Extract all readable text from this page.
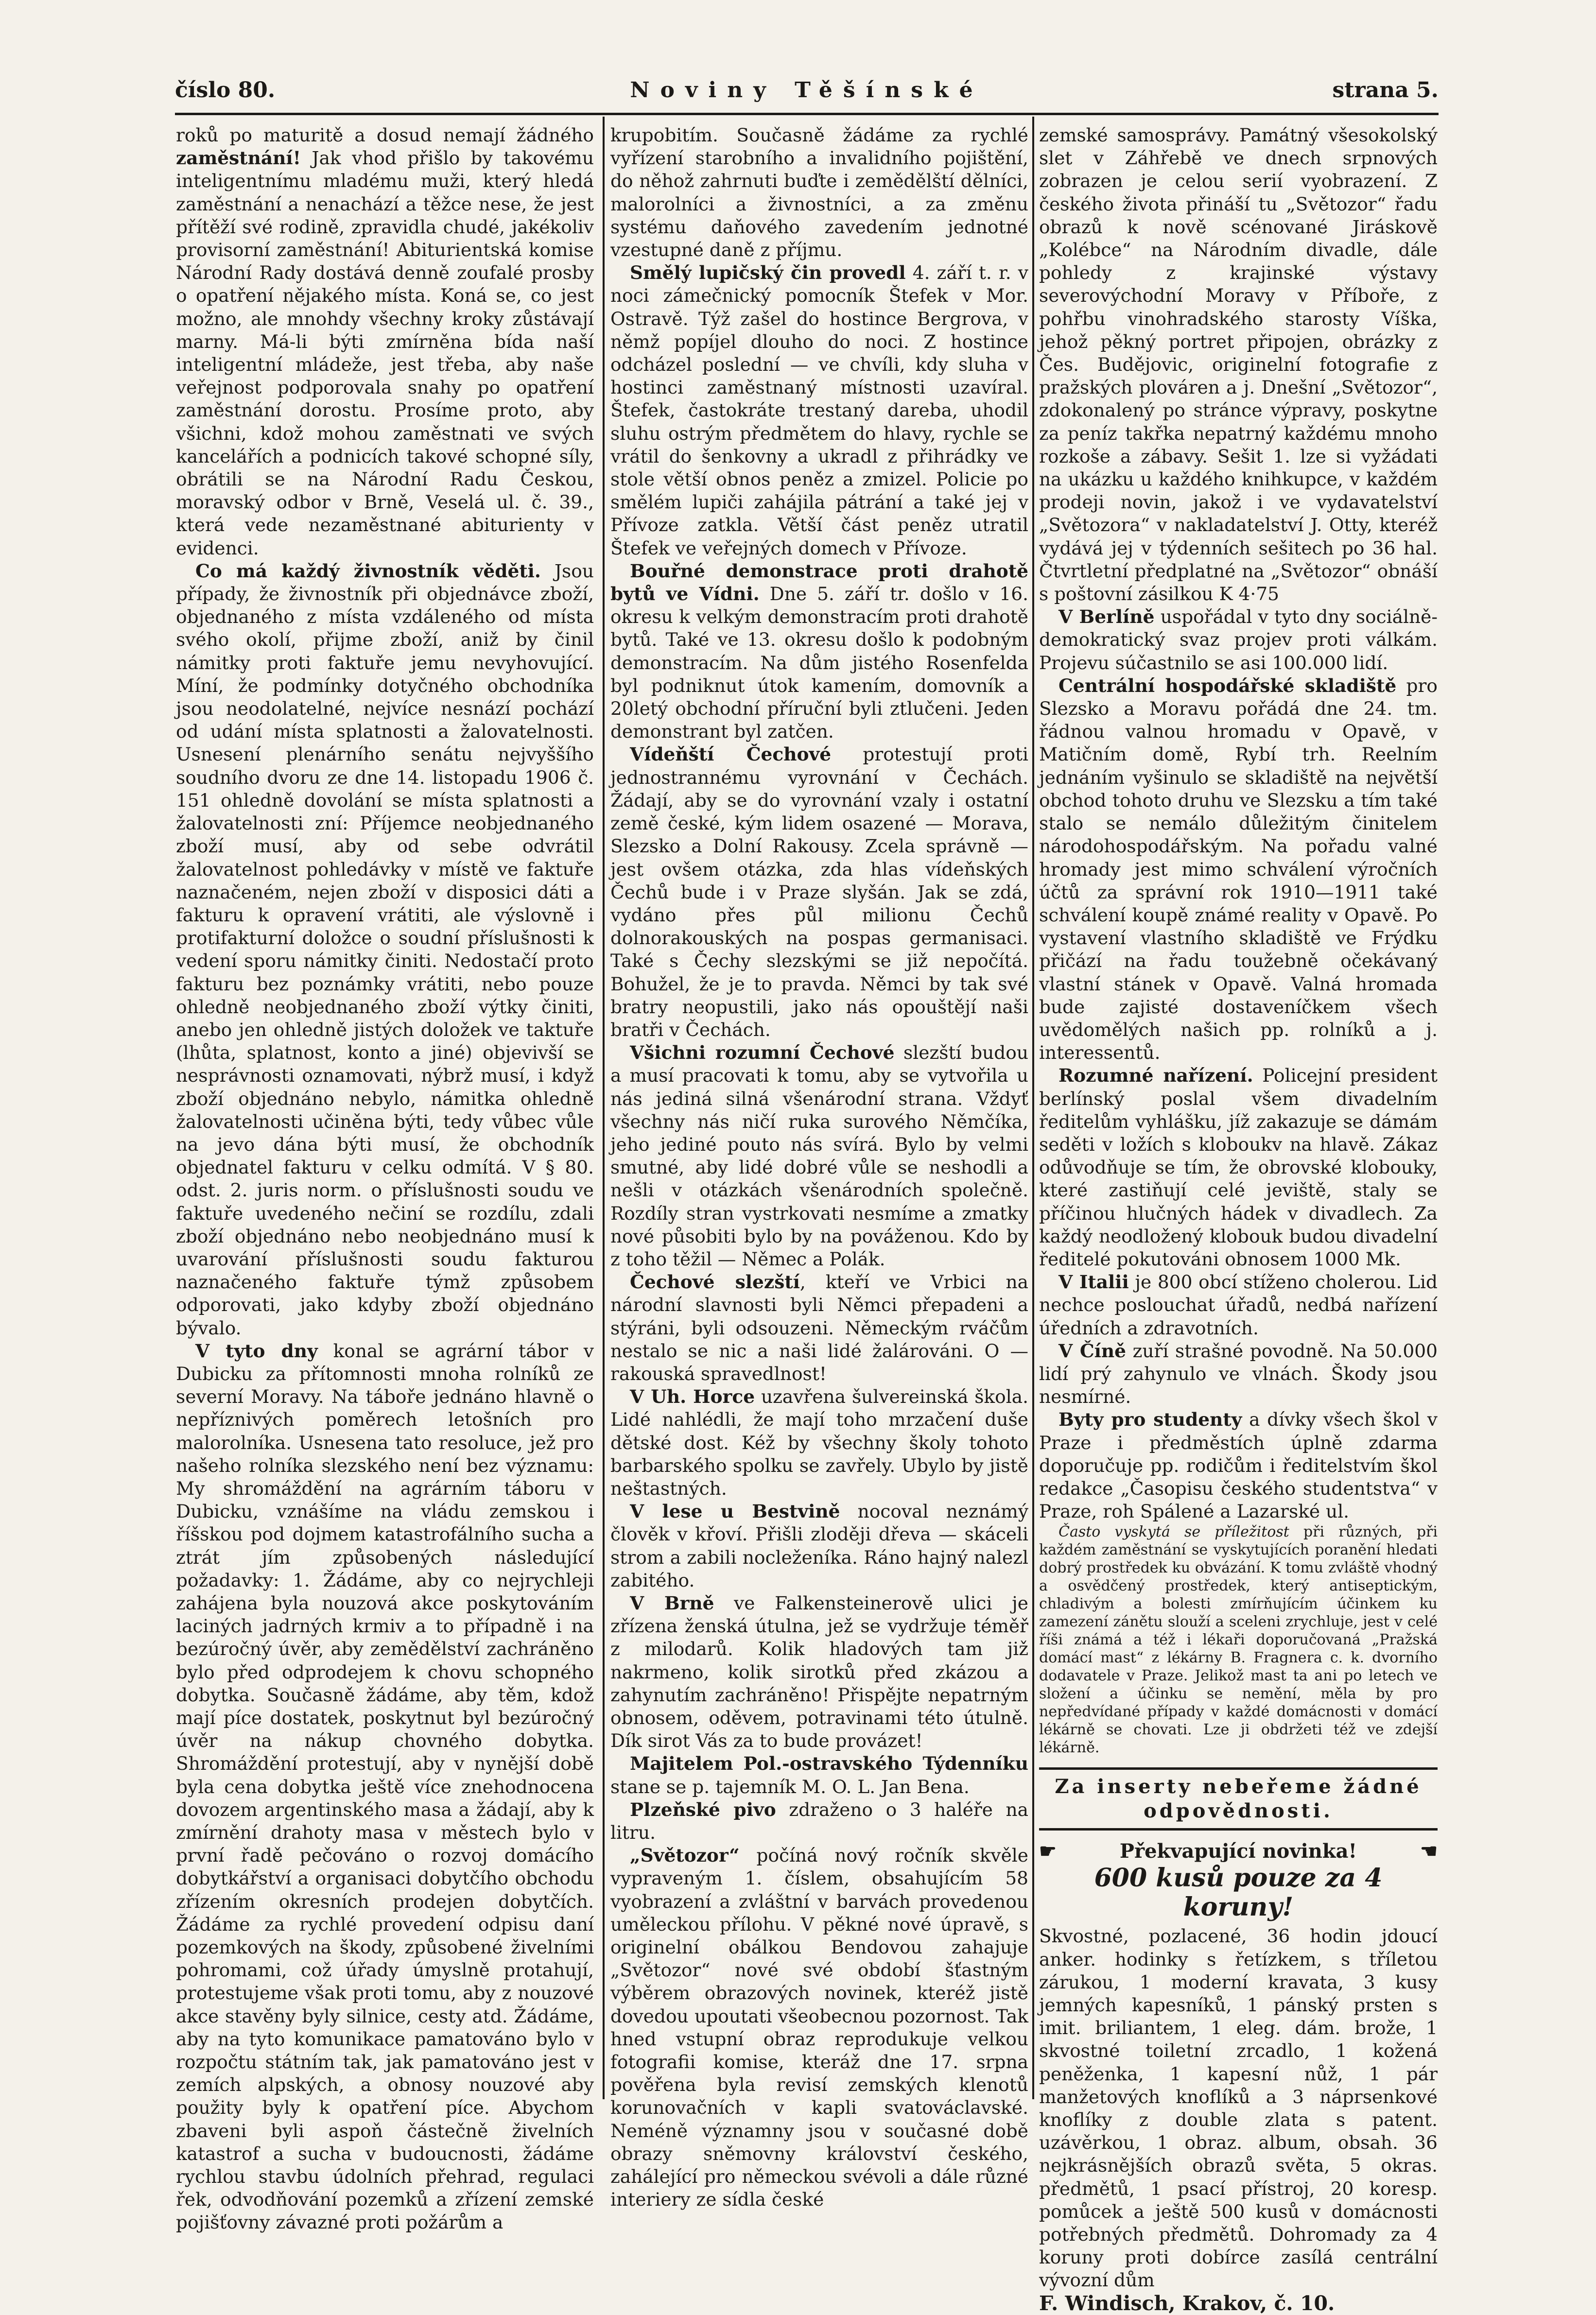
číslo 80.	Noviny Těšínské	strana 5.

roků po maturitě a dosud nemají žádného zaměstnání! Jak vhod přišlo by takovému inteligentnímu mladému muži, který hledá zaměstnání a nenachází a těžce nese, že jest přítěží své rodině, zpravidla chudé, jakékoliv provisorní zaměstnání! Abiturientská komise Národní Rady dostává denně zoufalé prosby o opatření nějakého místa. Koná se, co jest možno, ale mnohdy všechny kroky zůstávají marny. Má-li býti zmírněna bída naší inteligentní mládeže, jest třeba, aby naše veřejnost podporovala snahy po opatření zaměstnání dorostu. Prosíme proto, aby všichni, kdož mohou zaměstnati ve svých kancelářích a podnicích takové schopné síly, obrátili se na Národní Radu Českou, moravský odbor v Brně, Veselá ul. č. 39., která vede nezaměstnané abiturienty v evidenci.

Co má každý živnostník věděti. Jsou případy, že živnostník při objednávce zboží, objednaného z místa vzdáleného od místa svého okolí, přijme zboží, aniž by činil námitky proti faktuře jemu nevyhovující. Míní, že podmínky dotyčného obchodníka jsou neodolatelné, nejvíce nesnází pochází od udání místa splatnosti a žalovatelnosti. Usnesení plenárního senátu nejvyššího soudního dvoru ze dne 14. listopadu 1906 č. 151 ohledně dovolání se místa splatnosti a žalovatelnosti zní: Příjemce neobjednaného zboží musí, aby od sebe odvrátil žalovatelnost pohledávky v místě ve faktuře naznačeném, nejen zboží v disposici dáti a fakturu k opravení vrátiti, ale výslovně i protifakturní doložce o soudní příslušnosti k vedení sporu námitky činiti. Nedostačí proto fakturu bez poznámky vrátiti, nebo pouze ohledně neobjednaného zboží výtky činiti, anebo jen ohledně jistých doložek ve taktuře (lhůta, splatnost, konto a jiné) objevivší se nesprávnosti oznamovati, nýbrž musí, i když zboží objednáno nebylo, námitka ohledně žalovatelnosti učiněna býti, tedy vůbec vůle na jevo dána býti musí, že obchodník objednatel fakturu v celku odmítá. V § 80. odst. 2. juris norm. o příslušnosti soudu ve faktuře uvedeného nečiní se rozdílu, zdali zboží objednáno nebo neobjednáno musí k uvarování příslušnosti soudu fakturou naznačeného faktuře týmž způsobem odporovati, jako kdyby zboží objednáno bývalo.

V tyto dny konal se agrární tábor v Dubicku za přítomnosti mnoha rolníků ze severní Moravy. Na táboře jednáno hlavně o nepříznivých poměrech letošních pro malorolníka. Usnesena tato resoluce, jež pro našeho rolníka slezského není bez významu: My shromáždění na agrárním táboru v Dubicku, vznášíme na vládu zemskou i říšskou pod dojmem katastrofálního sucha a ztrát jím způsobených následující požadavky: 1. Žádáme, aby co nejrychleji zahájena byla nouzová akce poskytováním laciných jadrných krmiv a to případně i na bezúročný úvěr, aby zemědělství zachráněno bylo před odprodejem k chovu schopného dobytka. Současně žádáme, aby těm, kdož mají píce dostatek, poskytnut byl bezúročný úvěr na nákup chovného dobytka. Shromáždění protestují, aby v nynější době byla cena dobytka ještě více znehodnocena dovozem argentinského masa a žádají, aby k zmírnění drahoty masa v městech bylo v první řadě pečováno o rozvoj domácího dobytkářství a organisaci dobytčího obchodu zřízením okresních prodejen dobytčích. Žádáme za rychlé provedení odpisu daní pozemkových na škody, způsobené živelními pohromami, což úřady úmyslně protahují, protestujeme však proti tomu, aby z nouzové akce stavěny byly silnice, cesty atd. Žádáme, aby na tyto komunikace pamatováno bylo v rozpočtu státním tak, jak pamatováno jest v zemích alpských, a obnosy nouzové aby použity byly k opatření píce. Abychom zbaveni byli aspoň částečně živelních katastrof a sucha v budoucnosti, žádáme rychlou stavbu údolních přehrad, regulaci řek, odvodňování pozemků a zřízení zemské pojišťovny závazné proti požárům a

krupobitím. Současně žádáme za rychlé vyřízení starobního a invalidního pojištění, do něhož zahrnuti buďte i zemědělští dělníci, malorolníci a živnostníci, a za změnu systému daňového zavedením jednotné vzestupné daně z příjmu.

Smělý lupičský čin provedl 4. září t. r. v noci zámečnický pomocník Štefek v Mor. Ostravě. Týž zašel do hostince Bergrova, v němž popíjel dlouho do noci. Z hostince odcházel poslední — ve chvíli, kdy sluha v hostinci zaměstnaný místnosti uzavíral. Štefek, častokráte trestaný dareba, uhodil sluhu ostrým předmětem do hlavy, rychle se vrátil do šenkovny a ukradl z přihrádky ve stole větší obnos peněz a zmizel. Policie po smělém lupiči zahájila pátrání a také jej v Přívoze zatkla. Větší část peněz utratil Štefek ve veřejných domech v Přívoze.

Bouřné demonstrace proti drahotě bytů ve Vídni. Dne 5. září tr. došlo v 16. okresu k velkým demonstracím proti drahotě bytů. Také ve 13. okresu došlo k podobným demonstracím. Na dům jistého Rosenfelda byl podniknut útok kamením, domovník a 20letý obchodní příruční byli ztlučeni. Jeden demonstrant byl zatčen.

Vídeňští Čechové protestují proti jednostrannému vyrovnání v Čechách. Žádají, aby se do vyrovnání vzaly i ostatní země české, kým lidem osazené — Morava, Slezsko a Dolní Rakousy. Zcela správně — jest ovšem otázka, zda hlas vídeňských Čechů bude i v Praze slyšán. Jak se zdá, vydáno přes půl milionu Čechů dolnorakouských na pospas germanisaci. Také s Čechy slezskými se již nepočítá. Bohužel, že je to pravda. Němci by tak své bratry neopustili, jako nás opouštějí naši bratři v Čechách.

Všichni rozumní Čechové slezští budou a musí pracovati k tomu, aby se vytvořila u nás jediná silná všenárodní strana. Vždyť všechny nás ničí ruka surového Němčíka, jeho jediné pouto nás svírá. Bylo by velmi smutné, aby lidé dobré vůle se neshodli a nešli v otázkách všenárodních společně. Rozdíly stran vystrkovati nesmíme a zmatky nové působiti bylo by na pováženou. Kdo by z toho těžil — Němec a Polák.

Čechové slezští, kteří ve Vrbici na národní slavnosti byli Němci přepadeni a stýráni, byli odsouzeni. Německým rváčům nestalo se nic a naši lidé žalárováni. O — rakouská spravedlnost!

V Uh. Horce uzavřena šulvereinská škola. Lidé nahlédli, že mají toho mrzačení duše dětské dost. Kéž by všechny školy tohoto barbarského spolku se zavřely. Ubylo by jistě neštastných.

V lese u Bestvině nocoval neznámý člověk v křoví. Přišli zloději dřeva — skáceli strom a zabili nocleženíka. Ráno hajný nalezl zabitého.

V Brně ve Falkensteinerově ulici je zřízena ženská útulna, jež se vydržuje téměř z milodarů. Kolik hladových tam již nakrmeno, kolik sirotků před zkázou a zahynutím zachráněno! Přispějte nepatrným obnosem, oděvem, potravinami této útulně. Dík sirot Vás za to bude provázet!

Majitelem Pol.-ostravského Týdenníku stane se p. tajemník M. O. L. Jan Bena.

Plzeňské pivo zdraženo o 3 haléře na litru.

„Světozor“ počíná nový ročník skvěle vypraveným 1. číslem, obsahujícím 58 vyobrazení a zvláštní v barvách provedenou uměleckou přílohu. V pěkné nové úpravě, s originelní obálkou Bendovou zahajuje „Světozor“ nové své období šťastným výběrem obrazových novinek, kteréž jistě dovedou upoutati všeobecnou pozornost. Tak hned vstupní obraz reprodukuje velkou fotografii komise, kteráž dne 17. srpna pověřena byla revisí zemských klenotů korunovačních v kapli svatováclavské. Neméně významny jsou v současné době obrazy sněmovny království českého, zahálející pro německou svévoli a dále různé interiery ze sídla české

zemské samosprávy. Památný všesokolský slet v Záhřebě ve dnech srpnových zobrazen je celou serií vyobrazení. Z českého života přináší tu „Světozor“ řadu obrazů k nově scénované Jiráskově „Kolébce“ na Národním divadle, dále pohledy z krajinské výstavy severovýchodní Moravy v Příboře, z pohřbu vinohradského starosty Víška, jehož pěkný portret připojen, obrázky z Čes. Budějovic, originelní fotografie z pražských plováren a j. Dnešní „Světozor“, zdokonalený po stránce výpravy, poskytne za peníz takřka nepatrný každému mnoho rozkoše a zábavy. Sešit 1. lze si vyžádati na ukázku u každého knihkupce, v každém prodeji novin, jakož i ve vydavatelství „Světozora“ v nakladatelství J. Otty, kteréž vydává jej v týdenních sešitech po 36 hal. Čtvrtletní předplatné na „Světozor“ obnáší s poštovní zásilkou K 4·75

V Berlíně uspořádal v tyto dny sociálně-demokratický svaz projev proti válkám. Projevu súčastnilo se asi 100.000 lidí.

Centrální hospodářské skladiště pro Slezsko a Moravu pořádá dne 24. tm. řádnou valnou hromadu v Opavě, v Matičním domě, Rybí trh. Reelním jednáním vyšinulo se skladiště na největší obchod tohoto druhu ve Slezsku a tím také stalo se nemálo důležitým činitelem národohospodářským. Na pořadu valné hromady jest mimo schválení výročních účtů za správní rok 1910—1911 také schválení koupě známé reality v Opavě. Po vystavení vlastního skladiště ve Frýdku přičází na řadu toužebně očekávaný vlastní stánek v Opavě. Valná hromada bude zajisté dostaveníčkem všech uvědomělých našich pp. rolníků a j. interessentů.

Rozumné nařízení. Policejní president berlínský poslal všem divadelním ředitelům vyhlášku, jíž zakazuje se dámám seděti v ložích s kloboukv na hlavě. Zákaz odůvodňuje se tím, že obrovské klobouky, které zastiňují celé jeviště, staly se příčinou hlučných hádek v divadlech. Za každý neodložený klobouk budou divadelní ředitelé pokutováni obnosem 1000 Mk.

V Italii je 800 obcí stíženo cholerou. Lid nechce poslouchat úřadů, nedbá nařízení úředních a zdravotních.

V Číně zuří strašné povodně. Na 50.000 lidí prý zahynulo ve vlnách. Škody jsou nesmírné.

Byty pro studenty a dívky všech škol v Praze i předměstích úplně zdarma doporučuje pp. rodičům i ředitelstvím škol redakce „Časopisu českého studentstva“ v Praze, roh Spálené a Lazarské ul.

Často vyskytá se příležitost při různých, při každém zaměstnání se vyskytujících poranění hledati dobrý prostředek ku obvázání. K tomu zvláště vhodný a osvědčený prostředek, který antiseptickým, chladivým a bolesti zmírňujícím účinkem ku zamezení zánětu slouží a sceleni zrychluje, jest v celé říši známá a též i lékaři doporučovaná „Pražská domácí mast“ z lékárny B. Fragnera c. k. dvorního dodavatele v Praze. Jelikož mast ta ani po letech ve složení a účinku se nemění, měla by pro nepředvídané případy v každé domácnosti v domácí lékárně se chovati. Lze ji obdržeti též ve zdejší lékárně.

Za inserty nebeřeme žádné odpovědnosti.
☛	Překvapující novinka!	☚
600 kusů pouze za 4 koruny!

Skvostné, pozlacené, 36 hodin jdoucí anker. hodinky s řetízkem, s tříletou zárukou, 1 moderní kravata, 3 kusy jemných kapesníků, 1 pánský prsten s imit. briliantem, 1 eleg. dám. brože, 1 skvostné toiletní zrcadlo, 1 kožená peněženka, 1 kapesní nůž, 1 pár manžetových knoflíků a 3 náprsenkové knoflíky z double zlata s patent. uzávěrkou, 1 obraz. album, obsah. 36 nejkrásnějších obrazů světa, 5 okras. předmětů, 1 psací přístroj, 20 koresp. pomůcek a ještě 500 kusů v domácnosti potřebných předmětů. Dohromady za 4 koruny proti dobírce zasílá centrální vývozní dům

F. Windisch, Krakov, č. 10.
